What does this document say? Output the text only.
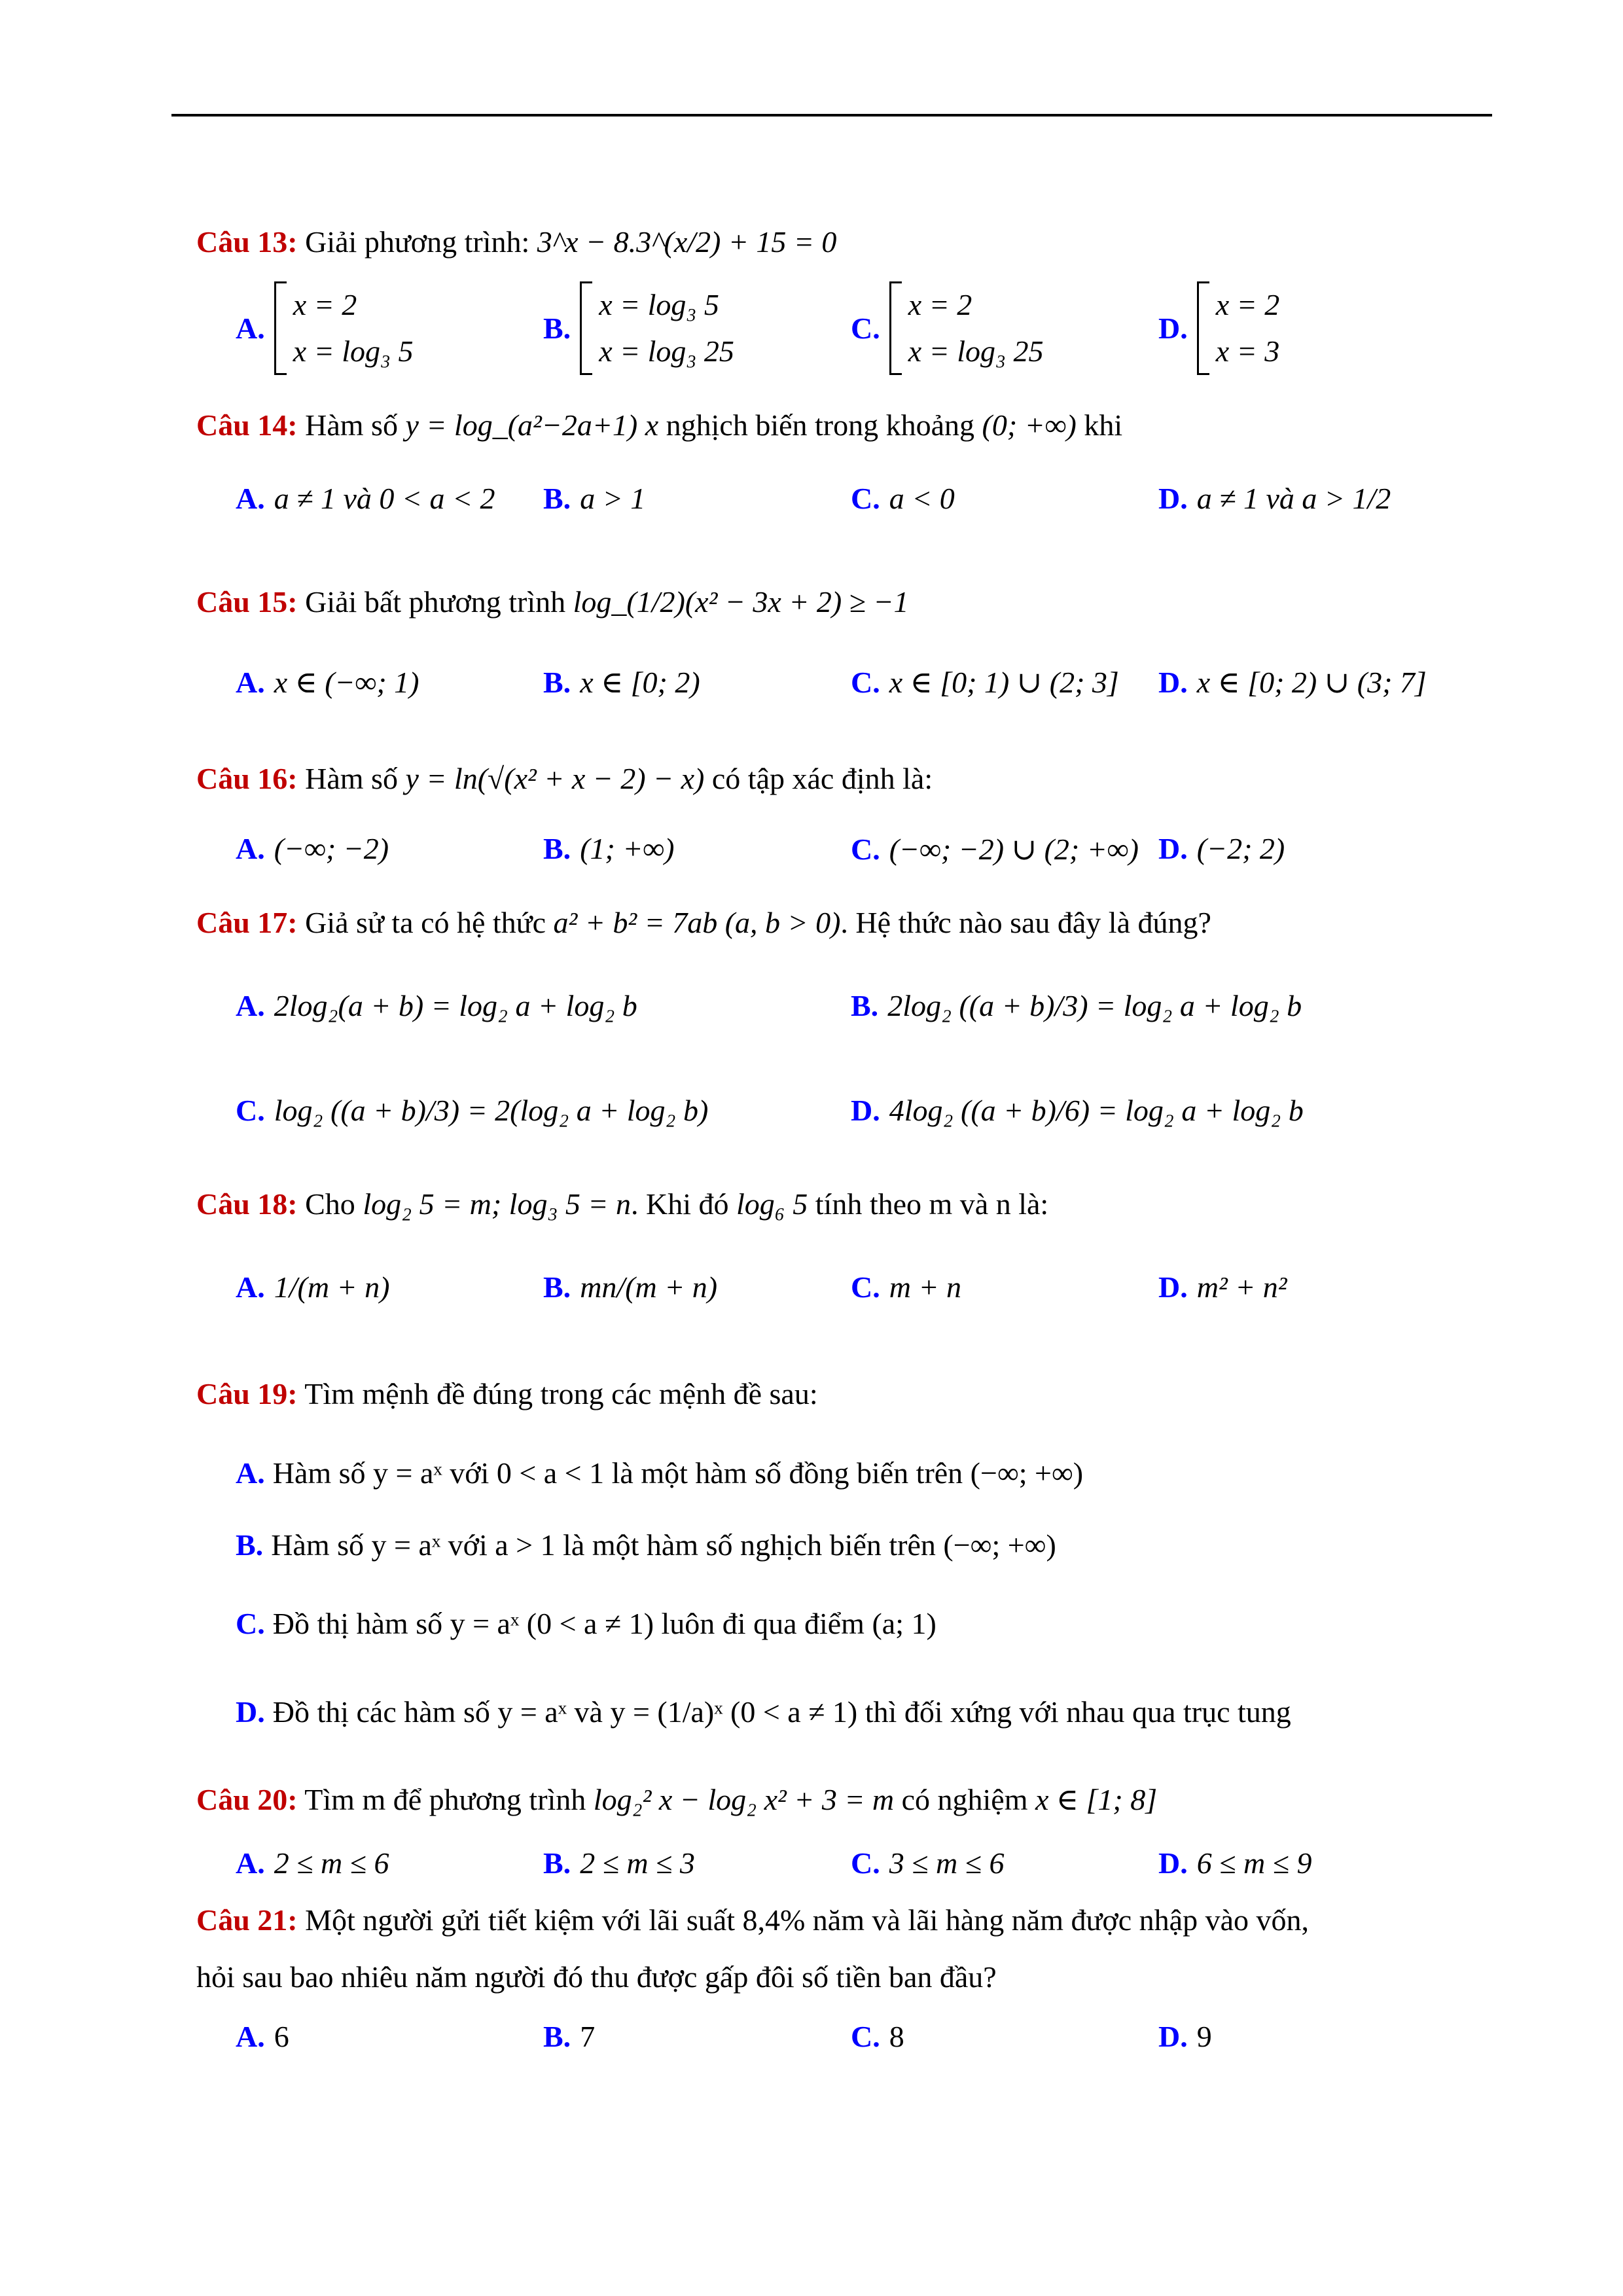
Câu 13: Giải phương trình: 3^x − 8.3^(x/2) + 15 = 0
A.
x = 2
x = log₃ 5
B.
x = log₃ 5
x = log₃ 25
C.
x = 2
x = log₃ 25
D.
x = 2
x = 3
Câu 14: Hàm số y = log_(a²−2a+1) x nghịch biến trong khoảng (0; +∞) khi
A. a ≠ 1 và 0 < a < 2 B. a > 1	C. a < 0	D. a ≠ 1 và a > 1/2
Câu 15: Giải bất phương trình log_(1/2)(x² − 3x + 2) ≥ −1
A. x ∈ (−∞; 1)	B. x ∈ [0; 2)	C. x ∈ [0; 1) ∪ (2; 3] D. x ∈ [0; 2) ∪ (3; 7]
Câu 16: Hàm số y = ln(√(x² + x − 2) − x) có tập xác định là:
A. (−∞; −2)	B. (1; +∞)	C. (−∞; −2) ∪ (2; +∞) D. (−2; 2)
Câu 17: Giả sử ta có hệ thức a² + b² = 7ab (a, b > 0). Hệ thức nào sau đây là đúng?
A. 2log₂(a + b) = log₂ a + log₂ b	B. 2log₂ ((a + b)/3) = log₂ a + log₂ b
C. log₂ ((a + b)/3) = 2(log₂ a + log₂ b)	D. 4log₂ ((a + b)/6) = log₂ a + log₂ b
Câu 18: Cho log₂ 5 = m; log₃ 5 = n. Khi đó log₆ 5 tính theo m và n là:
A. 1/(m + n)	B. mn/(m + n)	C. m + n	D. m² + n²
Câu 19: Tìm mệnh đề đúng trong các mệnh đề sau:
A. Hàm số y = aˣ với 0 < a < 1 là một hàm số đồng biến trên (−∞; +∞)
B. Hàm số y = aˣ với a > 1 là một hàm số nghịch biến trên (−∞; +∞)
C. Đồ thị hàm số y = aˣ (0 < a ≠ 1) luôn đi qua điểm (a; 1)
D. Đồ thị các hàm số y = aˣ và y = (1/a)ˣ (0 < a ≠ 1) thì đối xứng với nhau qua trục tung
Câu 20: Tìm m để phương trình log₂² x − log₂ x² + 3 = m có nghiệm x ∈ [1; 8]
A. 2 ≤ m ≤ 6	B. 2 ≤ m ≤ 3	C. 3 ≤ m ≤ 6	D. 6 ≤ m ≤ 9
Câu 21: Một người gửi tiết kiệm với lãi suất 8,4% năm và lãi hàng năm được nhập vào vốn,
hỏi sau bao nhiêu năm người đó thu được gấp đôi số tiền ban đầu?
A. 6	B. 7	C. 8	D. 9
